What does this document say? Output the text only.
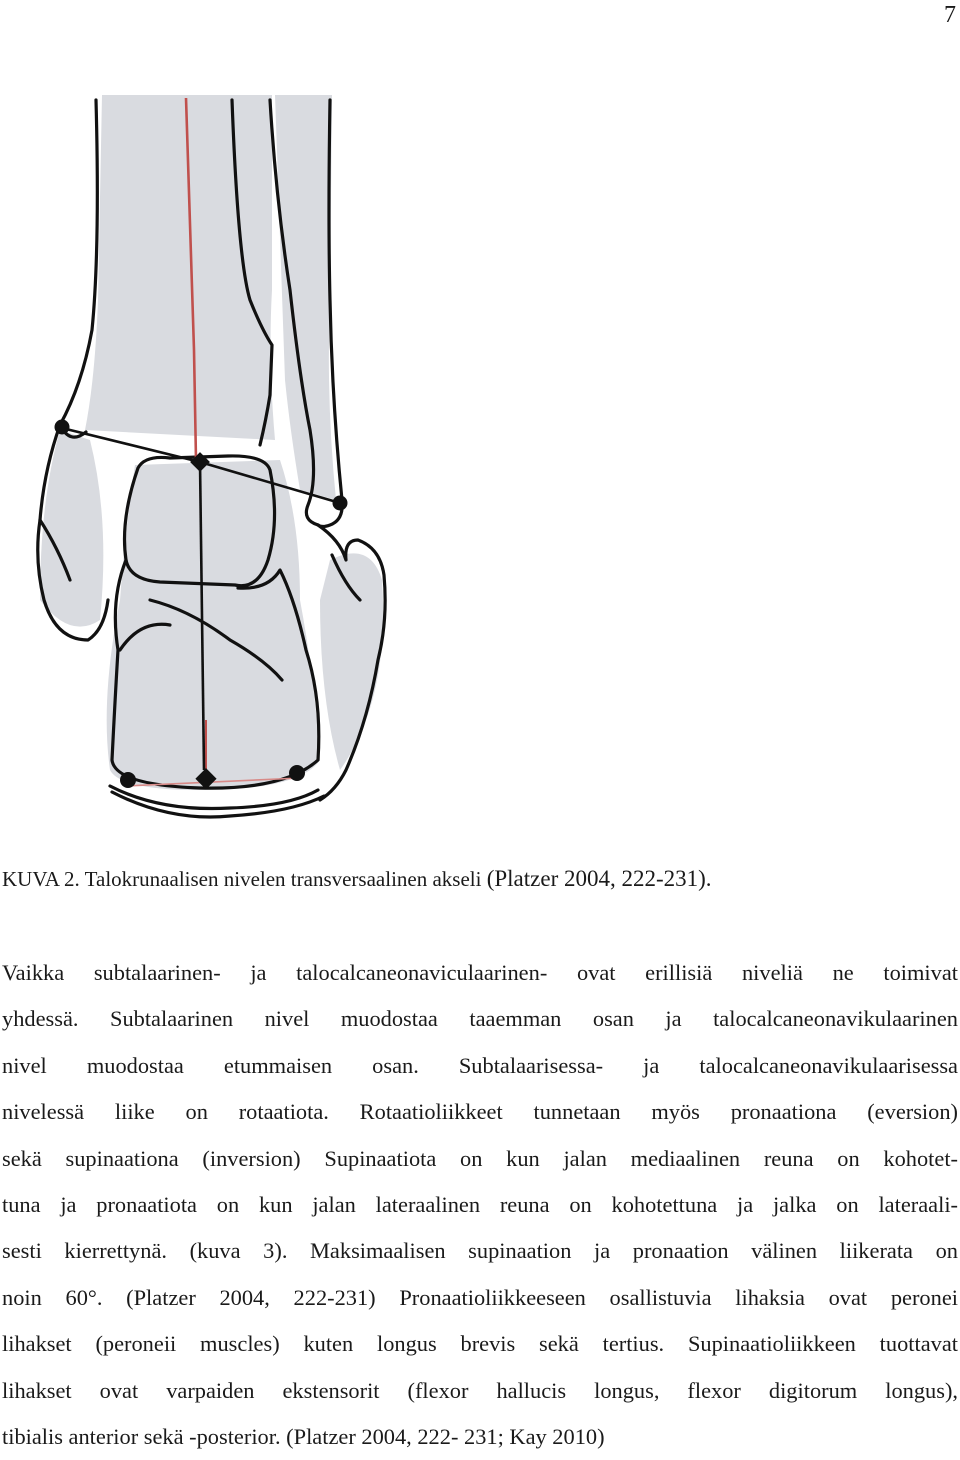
7
KUVA 2. Talokrunaalisen nivelen transversaalinen akseli (Platzer 2004, 222-231).
Vaikka subtalaarinen- ja talocalcaneonaviculaarinen- ovat erillisiä niveliä ne toimivat
yhdessä. Subtalaarinen nivel muodostaa taaemman osan ja talocalcaneonavikulaarinen
nivel muodostaa etummaisen osan. Subtalaarisessa- ja talocalcaneonavikulaarisessa
nivelessä liike on rotaatiota. Rotaatioliikkeet tunnetaan myös pronaationa (eversion)
sekä supinaationa (inversion) Supinaatiota on kun jalan mediaalinen reuna on kohotet-
tuna ja pronaatiota on kun jalan lateraalinen reuna on kohotettuna ja jalka on lateraali-
sesti kierrettynä. (kuva 3). Maksimaalisen supinaation ja pronaation välinen liikerata on
noin 60°. (Platzer 2004, 222-231) Pronaatioliikkeeseen osallistuvia lihaksia ovat peronei
lihakset (peroneii muscles) kuten longus brevis sekä tertius. Supinaatioliikkeen tuottavat
lihakset ovat varpaiden ekstensorit (flexor hallucis longus, flexor digitorum longus),
tibialis anterior sekä -posterior. (Platzer 2004, 222- 231; Kay 2010)
